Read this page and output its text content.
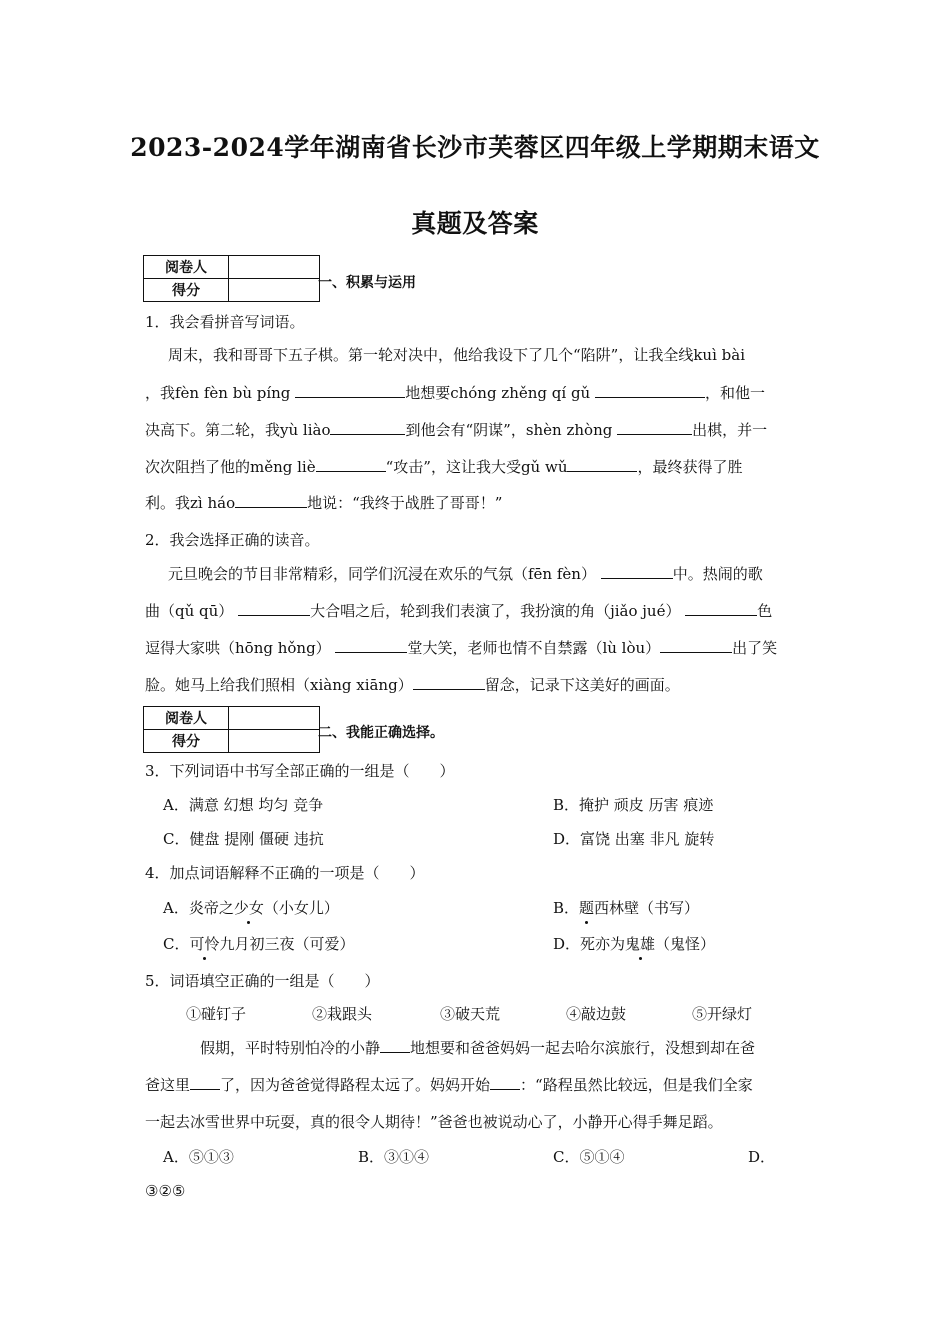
2023-2024学年湖南省长沙市芙蓉区四年级上学期期末语文
真题及答案
阅卷人	
得分		一、积累与运用
1．我会看拼音写词语。
周末，我和哥哥下五子棋。第一轮对决中，他给我设下了几个“陷阱”，让我全线kuì bài
，我fèn fèn bù píng	地想要chóng zhěng qí gǔ	，和他一
决高下。第二轮，我yù liào	到他会有“阴谋”，shèn zhòng	出棋，并一
次次阻挡了他的měng liè	“攻击”，这让我大受gǔ wǔ	，最终获得了胜
利。我zì háo	地说：“我终于战胜了哥哥！”
2．我会选择正确的读音。
元旦晚会的节目非常精彩，同学们沉浸在欢乐的气氛（fēn fèn）	中。热闹的歌
曲（qǔ qū）	大合唱之后，轮到我们表演了，我扮演的角（jiǎo jué）	色
逗得大家哄（hōng hǒng）	堂大笑，老师也情不自禁露（lù lòu）	出了笑
脸。她马上给我们照相（xiàng xiāng）	留念，记录下这美好的画面。
阅卷人	
得分	
二、我能正确选择。
3．下列词语中书写全部正确的一组是（　　）
A．满意 幻想 均匀 竞争	B．掩护 顽皮 历害 痕迹
C．健盘 提刚 僵硬 违抗	D．富饶 出塞 非凡 旋转
4．加点词语解释不正确的一项是（　　）
A．炎帝之少女（小女儿）	B．题西林壁（书写）
C．可怜九月初三夜（可爱）	D．死亦为鬼雄（鬼怪）
5．词语填空正确的一组是（　　）
①碰钉子	②栽跟头	③破天荒	④敲边鼓	⑤开绿灯
假期，平时特别怕冷的小静 地想要和爸爸妈妈一起去哈尔滨旅行，没想到却在爸
爸这里 了，因为爸爸觉得路程太远了。妈妈开始 ：“路程虽然比较远，但是我们全家
一起去冰雪世界中玩耍，真的很令人期待！”爸爸也被说动心了，小静开心得手舞足蹈。
A．⑤①③	B．③①④	C．⑤①④	D．
③②⑤
